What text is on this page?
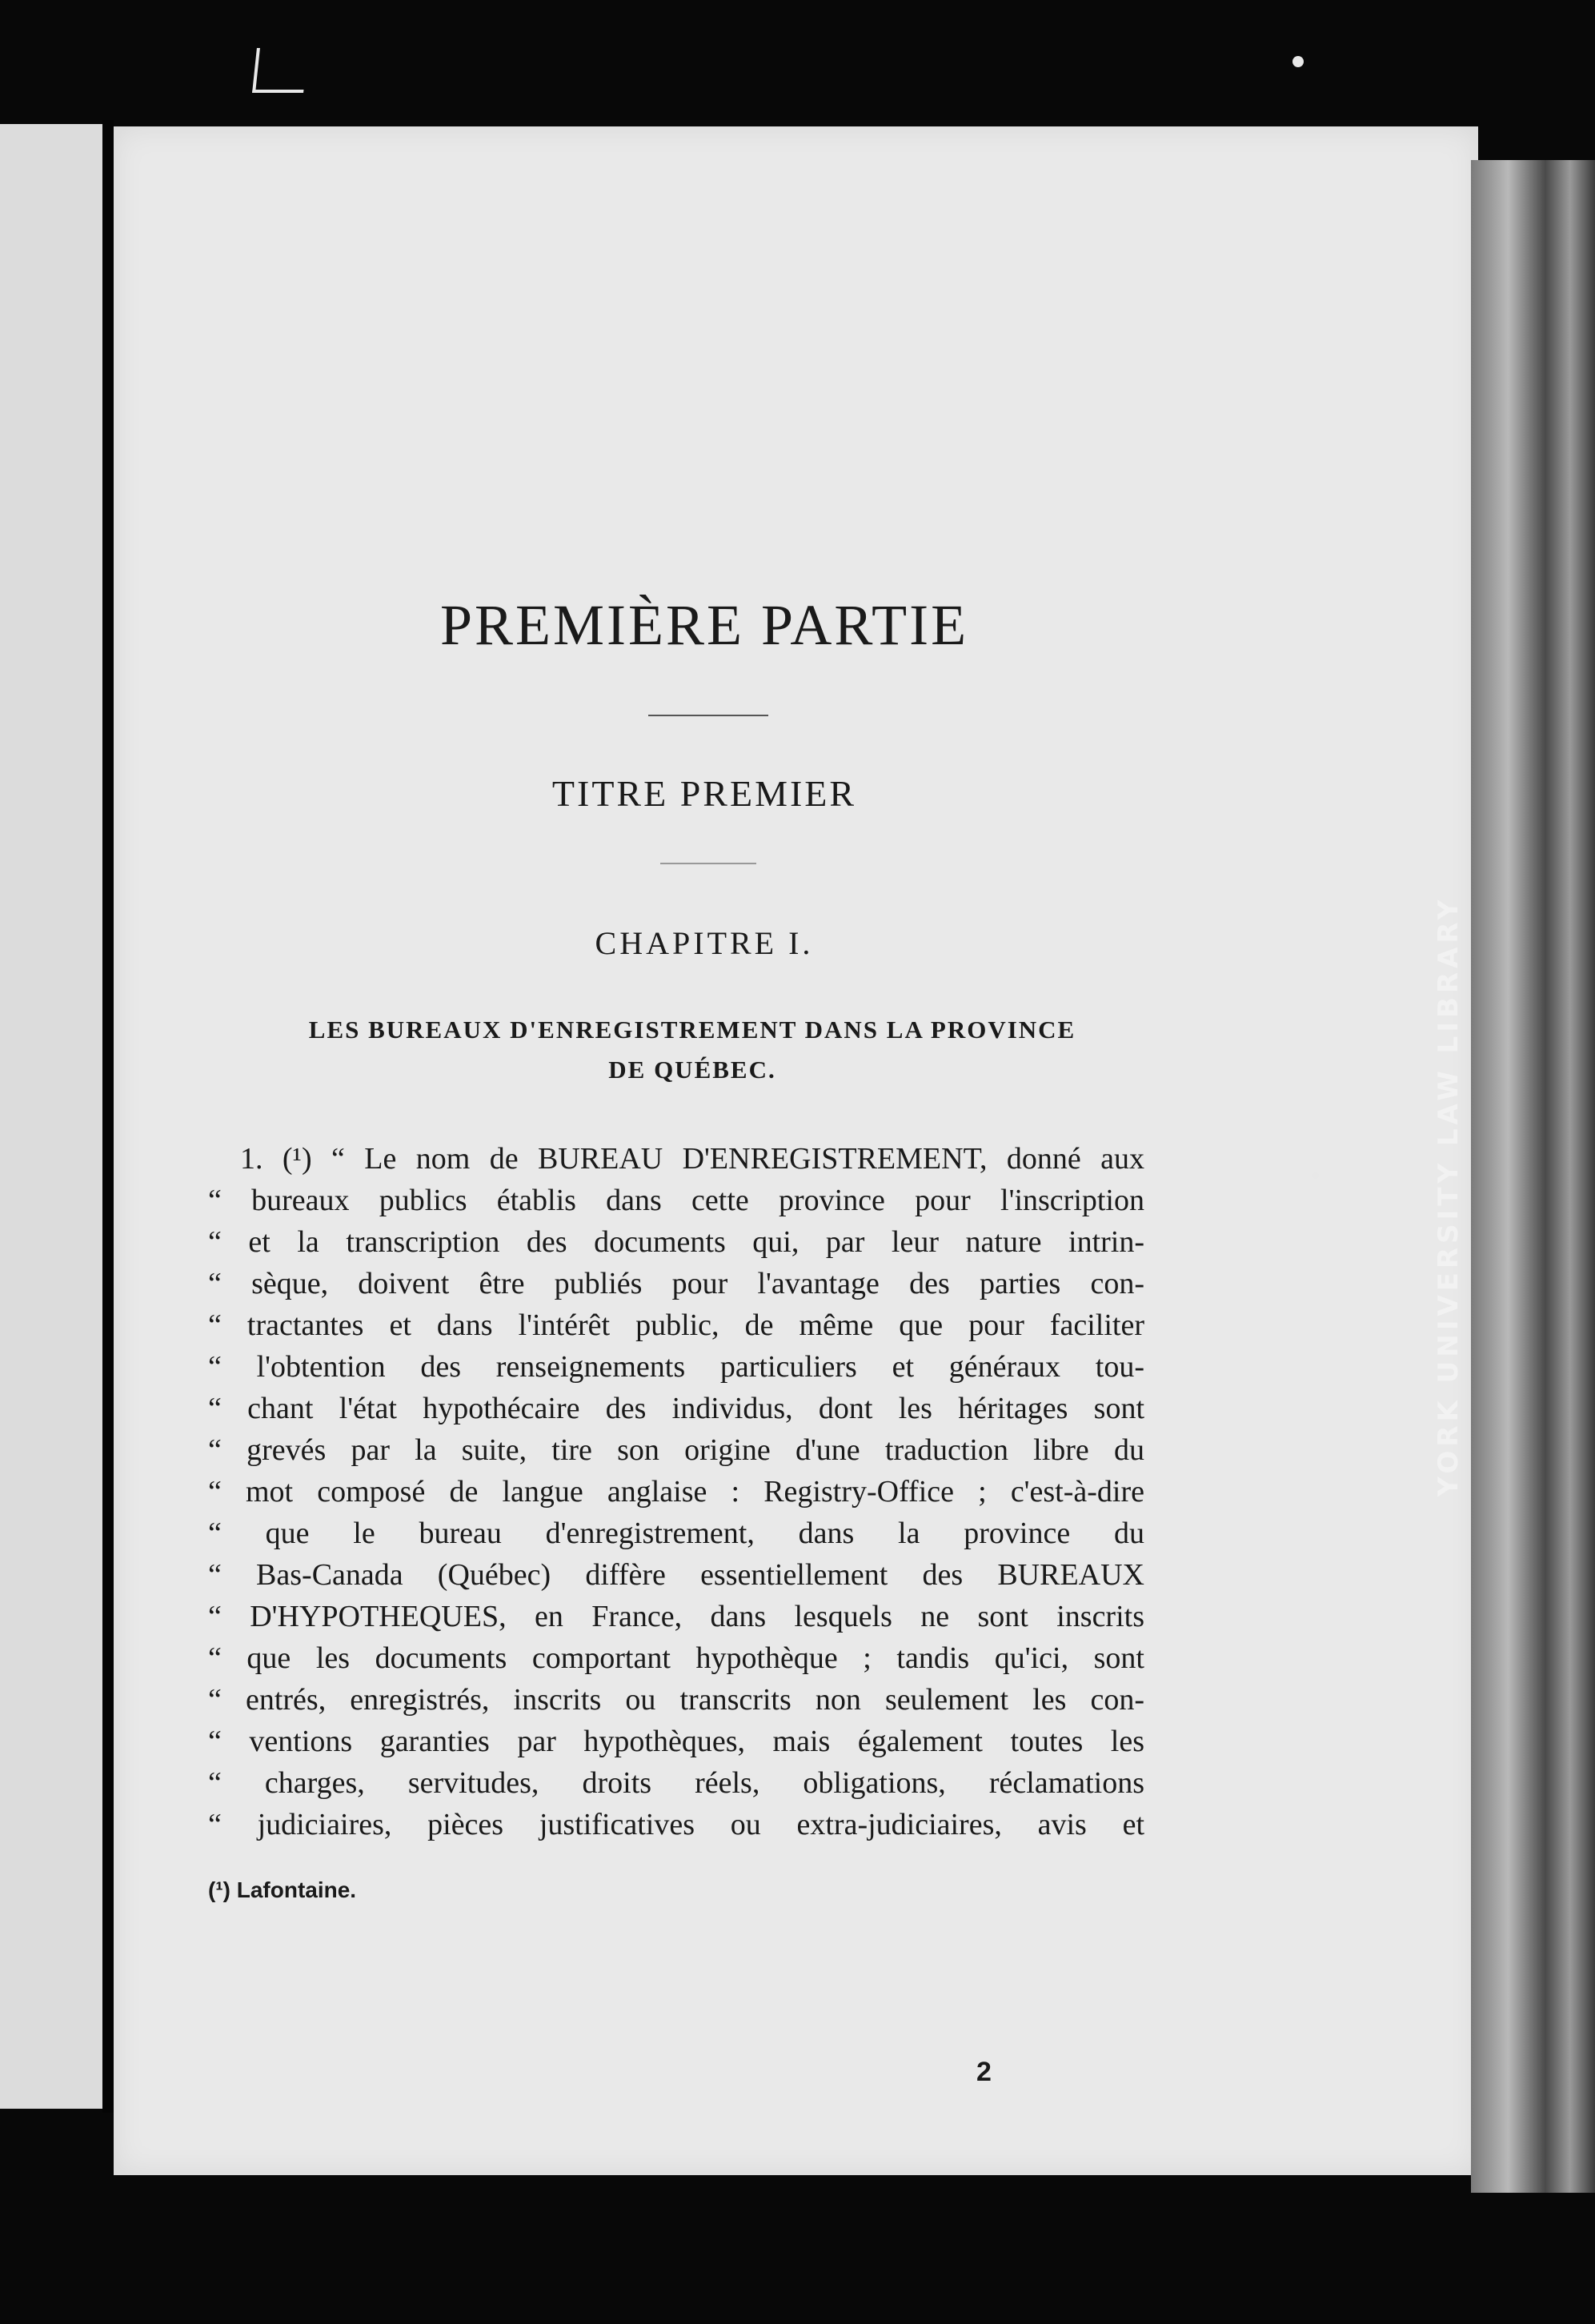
YORK UNIVERSITY LAW LIBRARY
PREMIÈRE PARTIE
TITRE PREMIER
CHAPITRE I.
LES BUREAUX D'ENREGISTREMENT DANS LA PROVINCE
DE QUÉBEC.
1. (¹) “ Le nom de BUREAU D'ENREGISTREMENT, donné aux
“ bureaux publics établis dans cette province pour l'inscription
“ et la transcription des documents qui, par leur nature intrin-
“ sèque, doivent être publiés pour l'avantage des parties con-
“ tractantes et dans l'intérêt public, de même que pour faciliter
“ l'obtention des renseignements particuliers et généraux tou-
“ chant l'état hypothécaire des individus, dont les héritages sont
“ grevés par la suite, tire son origine d'une traduction libre du
“ mot composé de langue anglaise : Registry-Office ; c'est-à-dire
“ que le bureau d'enregistrement, dans la province du
“ Bas-Canada (Québec) diffère essentiellement des BUREAUX
“ D'HYPOTHEQUES, en France, dans lesquels ne sont inscrits
“ que les documents comportant hypothèque ; tandis qu'ici, sont
“ entrés, enregistrés, inscrits ou transcrits non seulement les con-
“ ventions garanties par hypothèques, mais également toutes les
“ charges, servitudes, droits réels, obligations, réclamations
“ judiciaires, pièces justificatives ou extra-judiciaires, avis et
(¹) Lafontaine.
2
